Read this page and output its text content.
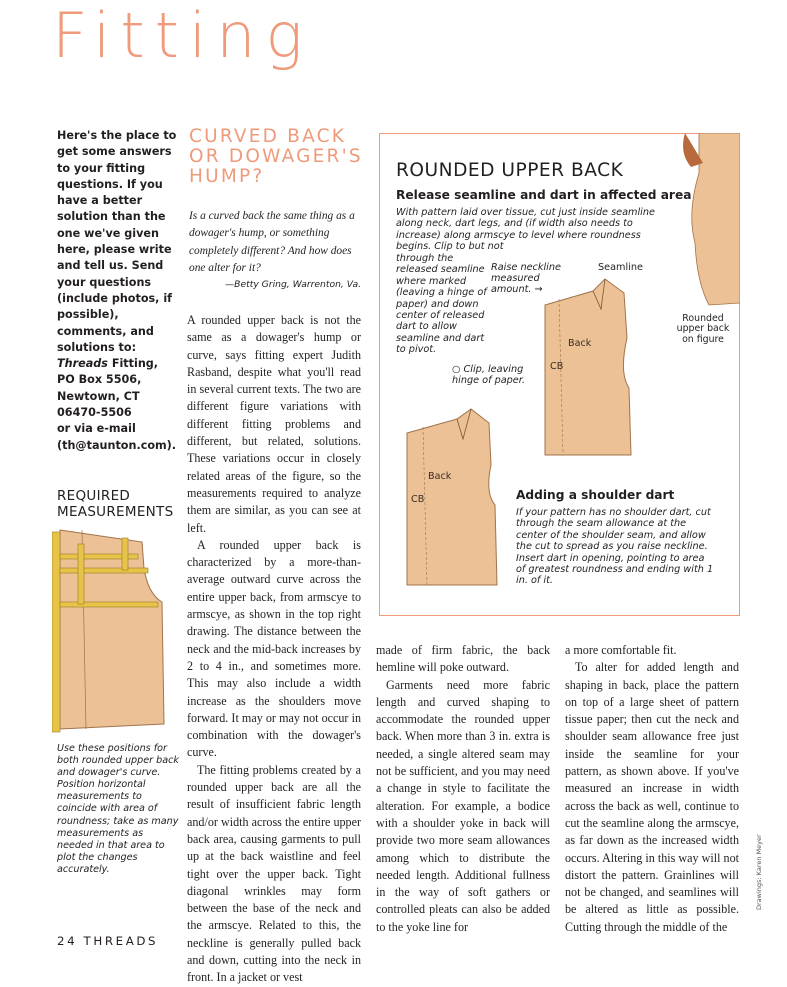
Fitting

Here's the place to get some answers to your fitting questions. If you have a better solution than the one we've given here, please write and tell us. Send your questions (include photos, if possible), comments, and solutions to:

Threads Fitting,
PO Box 5506,
Newtown, CT
06470-5506
or via e-mail
(th@taunton.com).

REQUIRED MEASUREMENTS
Use these positions for both rounded upper back and dowager's curve. Position horizontal measurements to coincide with area of roundness; take as many measurements as needed in that area to plot the changes accurately.
CURVED BACK OR DOWAGER'S HUMP?
Is a curved back the same thing as a dowager's hump, or something completely different? And how does one alter for it?
—Betty Gring, Warrenton, Va.

A rounded upper back is not the same as a dowager's hump or curve, says fitting expert Judith Rasband, despite what you'll read in several current texts. The two are different figure variations with different fitting problems and different, but related, solutions. These variations occur in closely related areas of the figure, so the measurements required to analyze them are similar, as you can see at left.

A rounded upper back is characterized by a more-than-average outward curve across the entire upper back, from armscye to armscye, as shown in the top right drawing. The distance between the neck and the mid-back increases by 2 to 4 in., and sometimes more. This may also include a width increase as the shoulders move forward. It may or may not occur in combination with the dowager's curve.

The fitting problems created by a rounded upper back are all the result of insufficient fabric length and/or width across the entire upper back area, causing garments to pull up at the back waistline and feel tight over the upper back. Tight diagonal wrinkles may form between the base of the neck and the armscye. Related to this, the neckline is generally pulled back and down, cutting into the neck in front. In a jacket or vest

made of firm fabric, the back hemline will poke outward.

Garments need more fabric length and curved shaping to accommodate the rounded upper back. When more than 3 in. extra is needed, a single altered seam may not be sufficient, and you may need a change in style to facilitate the alteration. For example, a bodice with a shoulder yoke in back will provide two more seam allowances among which to distribute the needed length. Additional fullness in the way of soft gathers or controlled pleats can also be added to the yoke line for

a more comfortable fit.

To alter for added length and shaping in back, place the pattern on top of a large sheet of pattern tissue paper; then cut the neck and shoulder seam allowance free just inside the seamline for your pattern, as shown above. If you've measured an increase in width across the back as well, continue to cut the seamline along the armscye, as far down as the increased width occurs. Altering in this way will not distort the pattern. Grainlines will not be changed, and seamlines will be altered as little as possible. Cutting through the middle of the

ROUNDED UPPER BACK
Release seamline and dart in affected area
With pattern laid over tissue, cut just inside seamline along neck, dart legs, and (if width also needs to increase) along armscye to level where roundness begins. Clip to but not
through the released seamline where marked (leaving a hinge of paper) and down center of released dart to allow seamline and dart to pivot.
Raise neckline measured amount. →
Seamline
○ Clip, leaving hinge of paper.
Rounded upper back on figure
Back
CB
Back
CB	Adding a shoulder dart
If your pattern has no shoulder dart, cut through the seam allowance at the center of the shoulder seam, and allow the cut to spread as you raise neckline. Insert dart in opening, pointing to area of greatest roundness and ending with 1 in. of it.
24 THREADS
Drawings: Karen Meyer
